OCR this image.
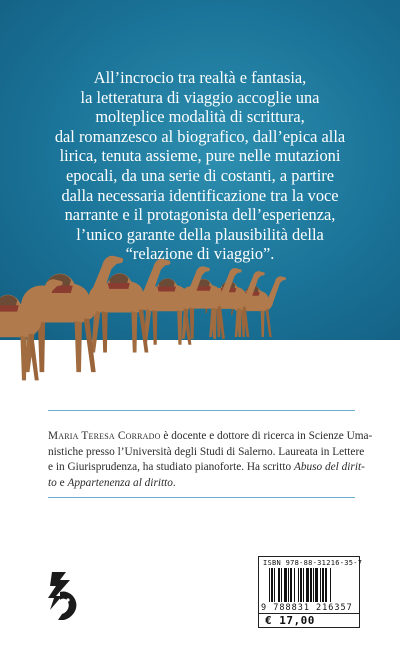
All’incrocio tra realtà e fantasia,
la letteratura di viaggio accoglie una
molteplice modalità di scrittura,
dal romanzesco al biografico, dall’epica alla
lirica, tenuta assieme, pure nelle mutazioni
epocali, da una serie di costanti, a partire
dalla necessaria identificazione tra la voce
narrante e il protagonista dell’esperienza,
l’unico garante della plausibilità della
“relazione di viaggio”.
Maria Teresa Corrado è docente e dottore di ricerca in Scienze Uma-
nistiche presso l’Università degli Studi di Salerno. Laureata in Lettere
e in Giurisprudenza, ha studiato pianoforte. Ha scritto Abuso del dirit-
to e Appartenenza al diritto.
ISBN 978-88-31216-35-7
9 788831 216357
€ 17,00
